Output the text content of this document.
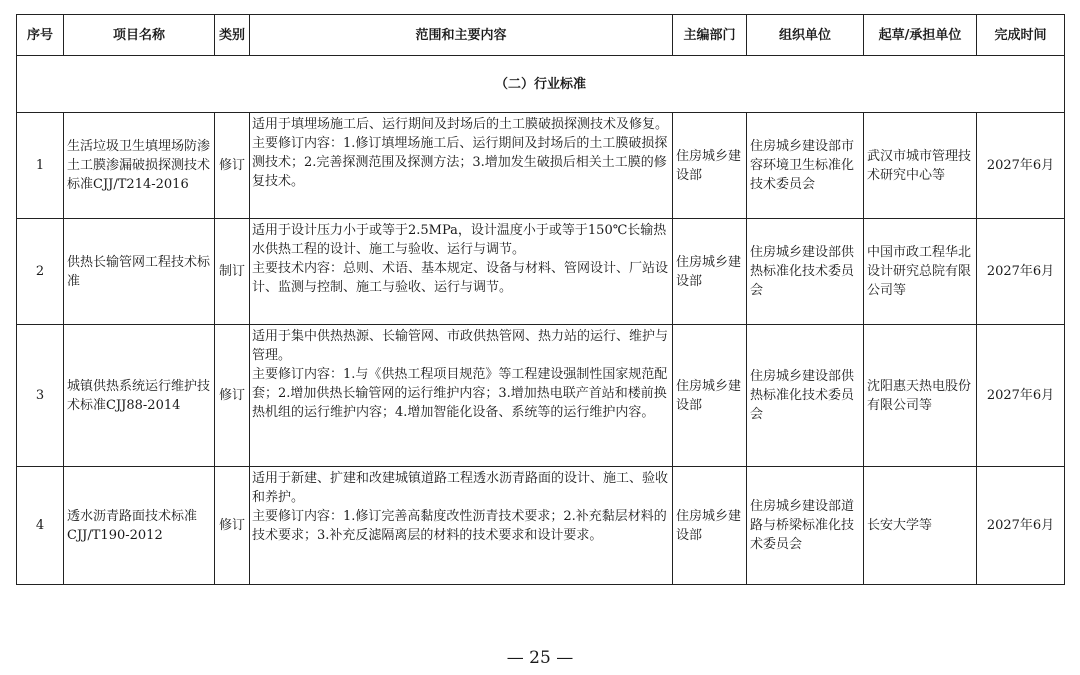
序号	项目名称	类别	范围和主要内容	主编部门	组织单位	起草/承担单位	完成时间
（二）行业标准							
1	生活垃圾卫生填埋场防渗土工膜渗漏破损探测技术标准CJJ/T214-2016	修订	适用于填埋场施工后、运行期间及封场后的土工膜破损探测技术及修复。

主要修订内容：1.修订填埋场施工后、运行期间及封场后的土工膜破损探测技术；2.完善探测范围及探测方法；3.增加发生破损后相关土工膜的修复技术。	住房城乡建设部	住房城乡建设部市容环境卫生标准化技术委员会	武汉市城市管理技术研究中心等	2027年6月
2	供热长输管网工程技术标准	制订	适用于设计压力小于或等于2.5MPa，设计温度小于或等于150℃长输热水供热工程的设计、施工与验收、运行与调节。

主要技术内容：总则、术语、基本规定、设备与材料、管网设计、厂站设计、监测与控制、施工与验收、运行与调节。	住房城乡建设部	住房城乡建设部供热标准化技术委员会	中国市政工程华北设计研究总院有限公司等	2027年6月
3	城镇供热系统运行维护技术标准CJJ88-2014	修订	适用于集中供热热源、长输管网、市政供热管网、热力站的运行、维护与管理。

主要修订内容：1.与《供热工程项目规范》等工程建设强制性国家规范配套；2.增加供热长输管网的运行维护内容；3.增加热电联产首站和楼前换热机组的运行维护内容；4.增加智能化设备、系统等的运行维护内容。	住房城乡建设部	住房城乡建设部供热标准化技术委员会	沈阳惠天热电股份有限公司等	2027年6月
4	透水沥青路面技术标准CJJ/T190-2012	修订	适用于新建、扩建和改建城镇道路工程透水沥青路面的设计、施工、验收和养护。

主要修订内容：1.修订完善高黏度改性沥青技术要求；2.补充黏层材料的技术要求；3.补充反滤隔离层的材料的技术要求和设计要求。	住房城乡建设部	住房城乡建设部道路与桥梁标准化技术委员会	长安大学等	2027年6月
— 25 —
